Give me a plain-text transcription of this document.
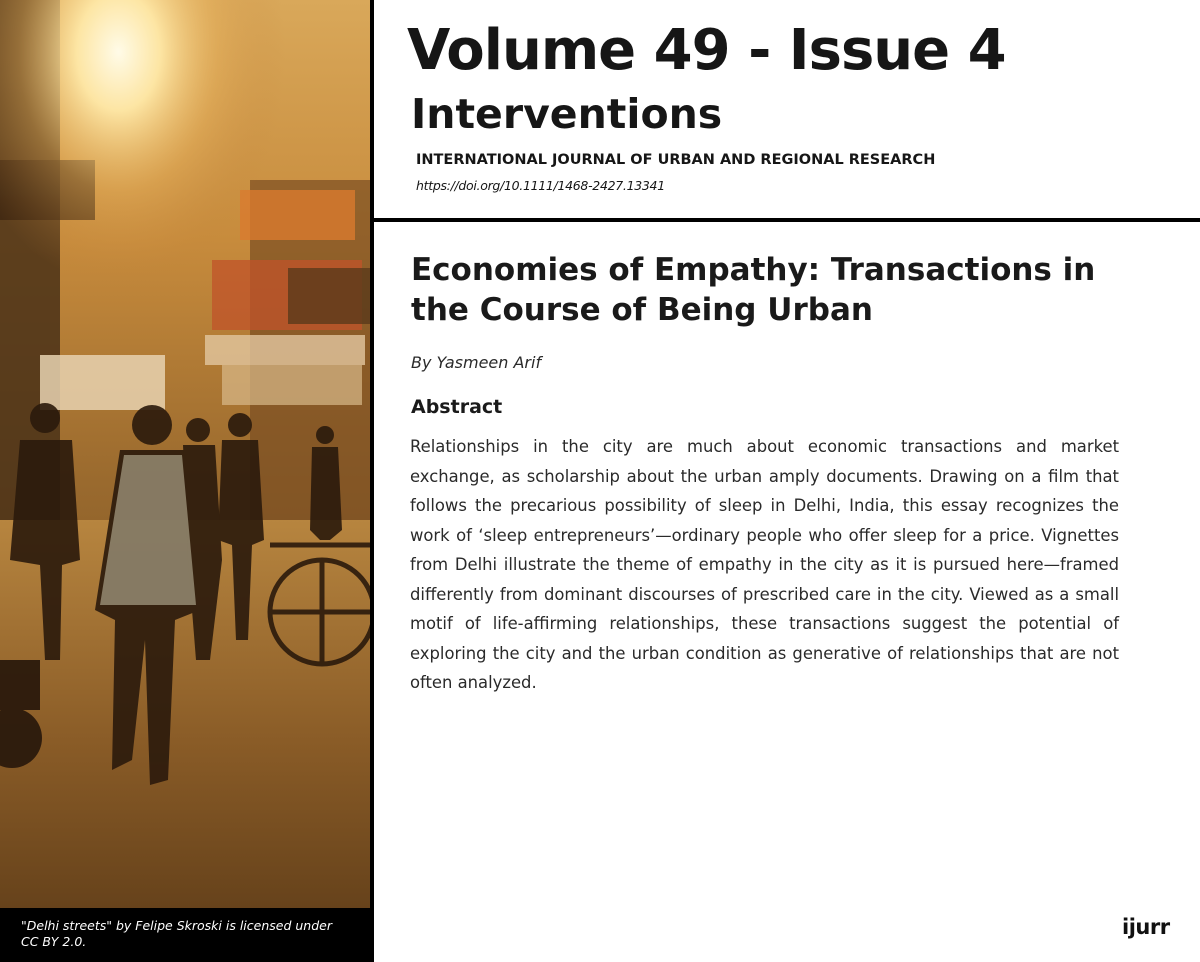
"Delhi streets" by Felipe Skroski is licensed under CC BY 2.0.
Volume 49 - Issue 4
Interventions
INTERNATIONAL JOURNAL OF URBAN AND REGIONAL RESEARCH
https://doi.org/10.1111/1468-2427.13341
Economies of Empathy: Transactions in the Course of Being Urban
By Yasmeen Arif
Abstract
Relationships in the city are much about economic transactions and market exchange, as scholarship about the urban amply documents. Drawing on a film that follows the precarious possibility of sleep in Delhi, India, this essay recognizes the work of ‘sleep entrepreneurs’—ordinary people who offer sleep for a price. Vignettes from Delhi illustrate the theme of empathy in the city as it is pursued here—framed differently from dominant discourses of prescribed care in the city. Viewed as a small motif of life-affirming relationships, these transactions suggest the potential of exploring the city and the urban condition as generative of relationships that are not often analyzed.
ijurr
